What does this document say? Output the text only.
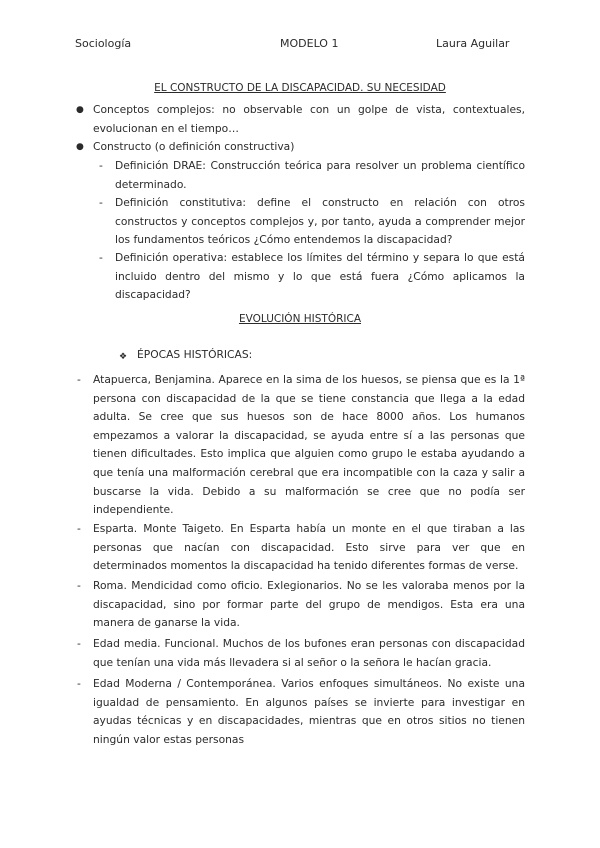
Sociología	MODELO 1	Laura Aguilar
EL CONSTRUCTO DE LA DISCAPACIDAD. SU NECESIDAD
● Conceptos complejos: no observable con un golpe de vista, contextuales, evolucionan en el tiempo…
● Constructo (o definición constructiva)
- Definición DRAE: Construcción teórica para resolver un problema científico determinado.
- Definición constitutiva: define el constructo en relación con otros constructos y conceptos complejos y, por tanto, ayuda a comprender mejor los fundamentos teóricos ¿Cómo entendemos la discapacidad?
- Definición operativa: establece los límites del término y separa lo que está incluido dentro del mismo y lo que está fuera ¿Cómo aplicamos la discapacidad?
EVOLUCIÓN HISTÓRICA
❖ ÉPOCAS HISTÓRICAS:
- Atapuerca, Benjamina. Aparece en la sima de los huesos, se piensa que es la 1ª persona con discapacidad de la que se tiene constancia que llega a la edad adulta. Se cree que sus huesos son de hace 8000 años. Los humanos empezamos a valorar la discapacidad, se ayuda entre sí a las personas que tienen dificultades. Esto implica que alguien como grupo le estaba ayudando a que tenía una malformación cerebral que era incompatible con la caza y salir a buscarse la vida. Debido a su malformación se cree que no podía ser independiente.
- Esparta. Monte Taigeto. En Esparta había un monte en el que tiraban a las personas que nacían con discapacidad. Esto sirve para ver que en determinados momentos la discapacidad ha tenido diferentes formas de verse.
- Roma. Mendicidad como oficio. Exlegionarios. No se les valoraba menos por la discapacidad, sino por formar parte del grupo de mendigos. Esta era una manera de ganarse la vida.
- Edad media. Funcional. Muchos de los bufones eran personas con discapacidad que tenían una vida más llevadera si al señor o la señora le hacían gracia.
- Edad Moderna / Contemporánea. Varios enfoques simultáneos. No existe una igualdad de pensamiento. En algunos países se invierte para investigar en ayudas técnicas y en discapacidades, mientras que en otros sitios no tienen ningún valor estas personas
